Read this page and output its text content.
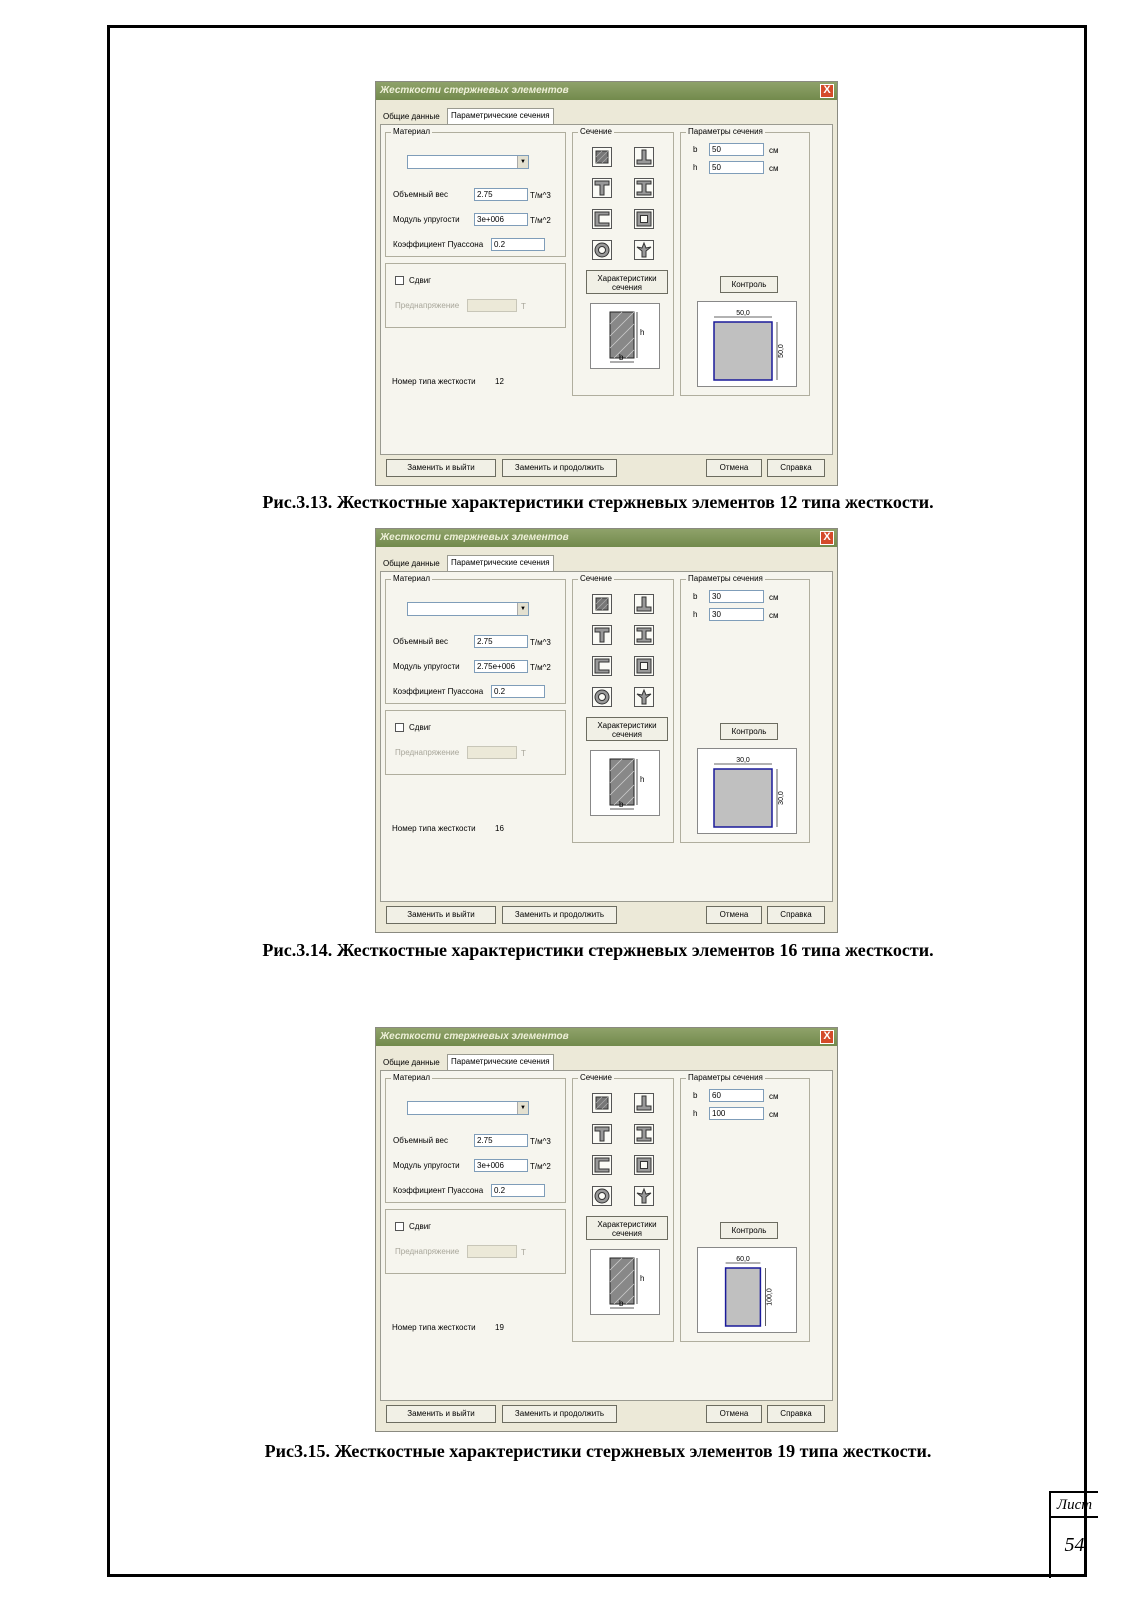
Лист
54
Жесткости стержневых элементов	X
Общие данные	Параметрические сечения
Материал
▼
Объемный вес	2.75	Т/м^3
Модуль упругости	3e+006	Т/м^2
Коэффициент Пуассона	0.2
Сдвиг
Преднапряжение	Т
Номер типа жесткости 12
Сечение
Характеристики
сечения
h
b
Параметры сечения
b	50	см
h	50	см
Контроль
50,0
50,0
Заменить и выйти	Заменить и продолжить	Отмена	Справка
Рис.3.13. Жесткостные характеристики стержневых элементов 12 типа жесткости.
Жесткости стержневых элементов	X
Общие данные	Параметрические сечения
Материал
▼
Объемный вес	2.75	Т/м^3
Модуль упругости	2.75e+006	Т/м^2
Коэффициент Пуассона	0.2
Сдвиг
Преднапряжение	Т
Номер типа жесткости 16
Сечение
Характеристики
сечения
h
b
Параметры сечения
b	30	см
h	30	см
Контроль
30,0
30,0
Заменить и выйти	Заменить и продолжить	Отмена	Справка
Рис.3.14. Жесткостные характеристики стержневых элементов 16 типа жесткости.
Жесткости стержневых элементов	X
Общие данные	Параметрические сечения
Материал
▼
Объемный вес	2.75	Т/м^3
Модуль упругости	3e+006	Т/м^2
Коэффициент Пуассона	0.2
Сдвиг
Преднапряжение	Т
Номер типа жесткости 19
Сечение
Характеристики
сечения
h
b
Параметры сечения
b	60	см
h	100	см
Контроль
60,0
100,0
Заменить и выйти	Заменить и продолжить	Отмена	Справка
Рис3.15. Жесткостные характеристики стержневых элементов 19 типа жесткости.
